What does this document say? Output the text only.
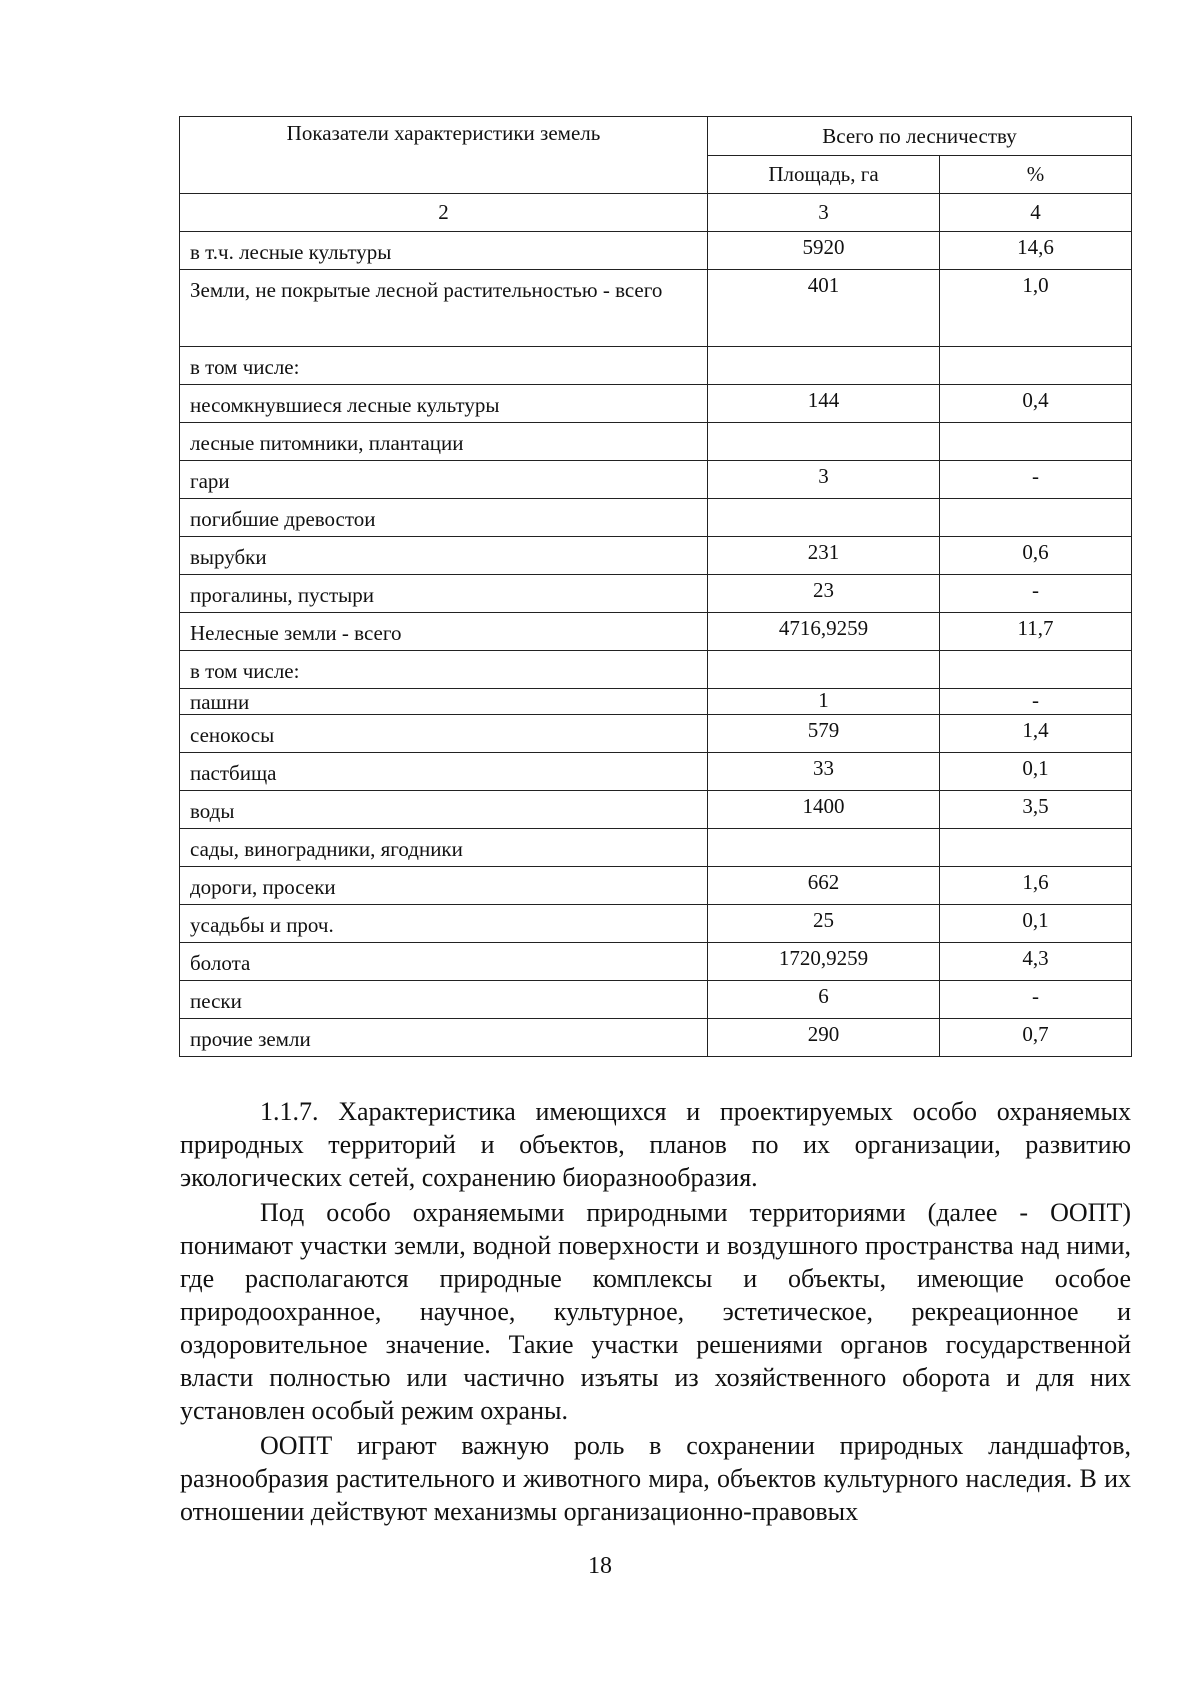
Показатели характеристики земель	Всего по лесничеству	
	Площадь, га	%
2	3	4
в т.ч. лесные культуры	5920	14,6
Земли, не покрытые лесной растительностью - всего	401	1,0
в том числе:		
несомкнувшиеся лесные культуры	144	0,4
лесные питомники, плантации		
гари	3	-
погибшие древостои		
вырубки	231	0,6
прогалины, пустыри	23	-
Нелесные земли - всего	4716,9259	11,7
в том числе:		
пашни	1	-
сенокосы	579	1,4
пастбища	33	0,1
воды	1400	3,5
сады, виноградники, ягодники		
дороги, просеки	662	1,6
усадьбы и проч.	25	0,1
болота	1720,9259	4,3
пески	6	-
прочие земли	290	0,7

1.1.7. Характеристика имеющихся и проектируемых особо охраняемых природных территорий и объектов, планов по их организации, развитию экологических сетей, сохранению биоразнообразия.

Под особо охраняемыми природными территориями (далее - ООПТ) понимают участки земли, водной поверхности и воздушного пространства над ними, где располагаются природные комплексы и объекты, имеющие особое природоохранное, научное, культурное, эстетическое, рекреационное и оздоровительное значение. Такие участки решениями органов государственной власти полностью или частично изъяты из хозяйственного оборота и для них установлен особый режим охраны.

ООПТ играют важную роль в сохранении природных ландшафтов, разнообразия растительного и животного мира, объектов культурного наследия. В их отношении действуют механизмы организационно-правовых

18
